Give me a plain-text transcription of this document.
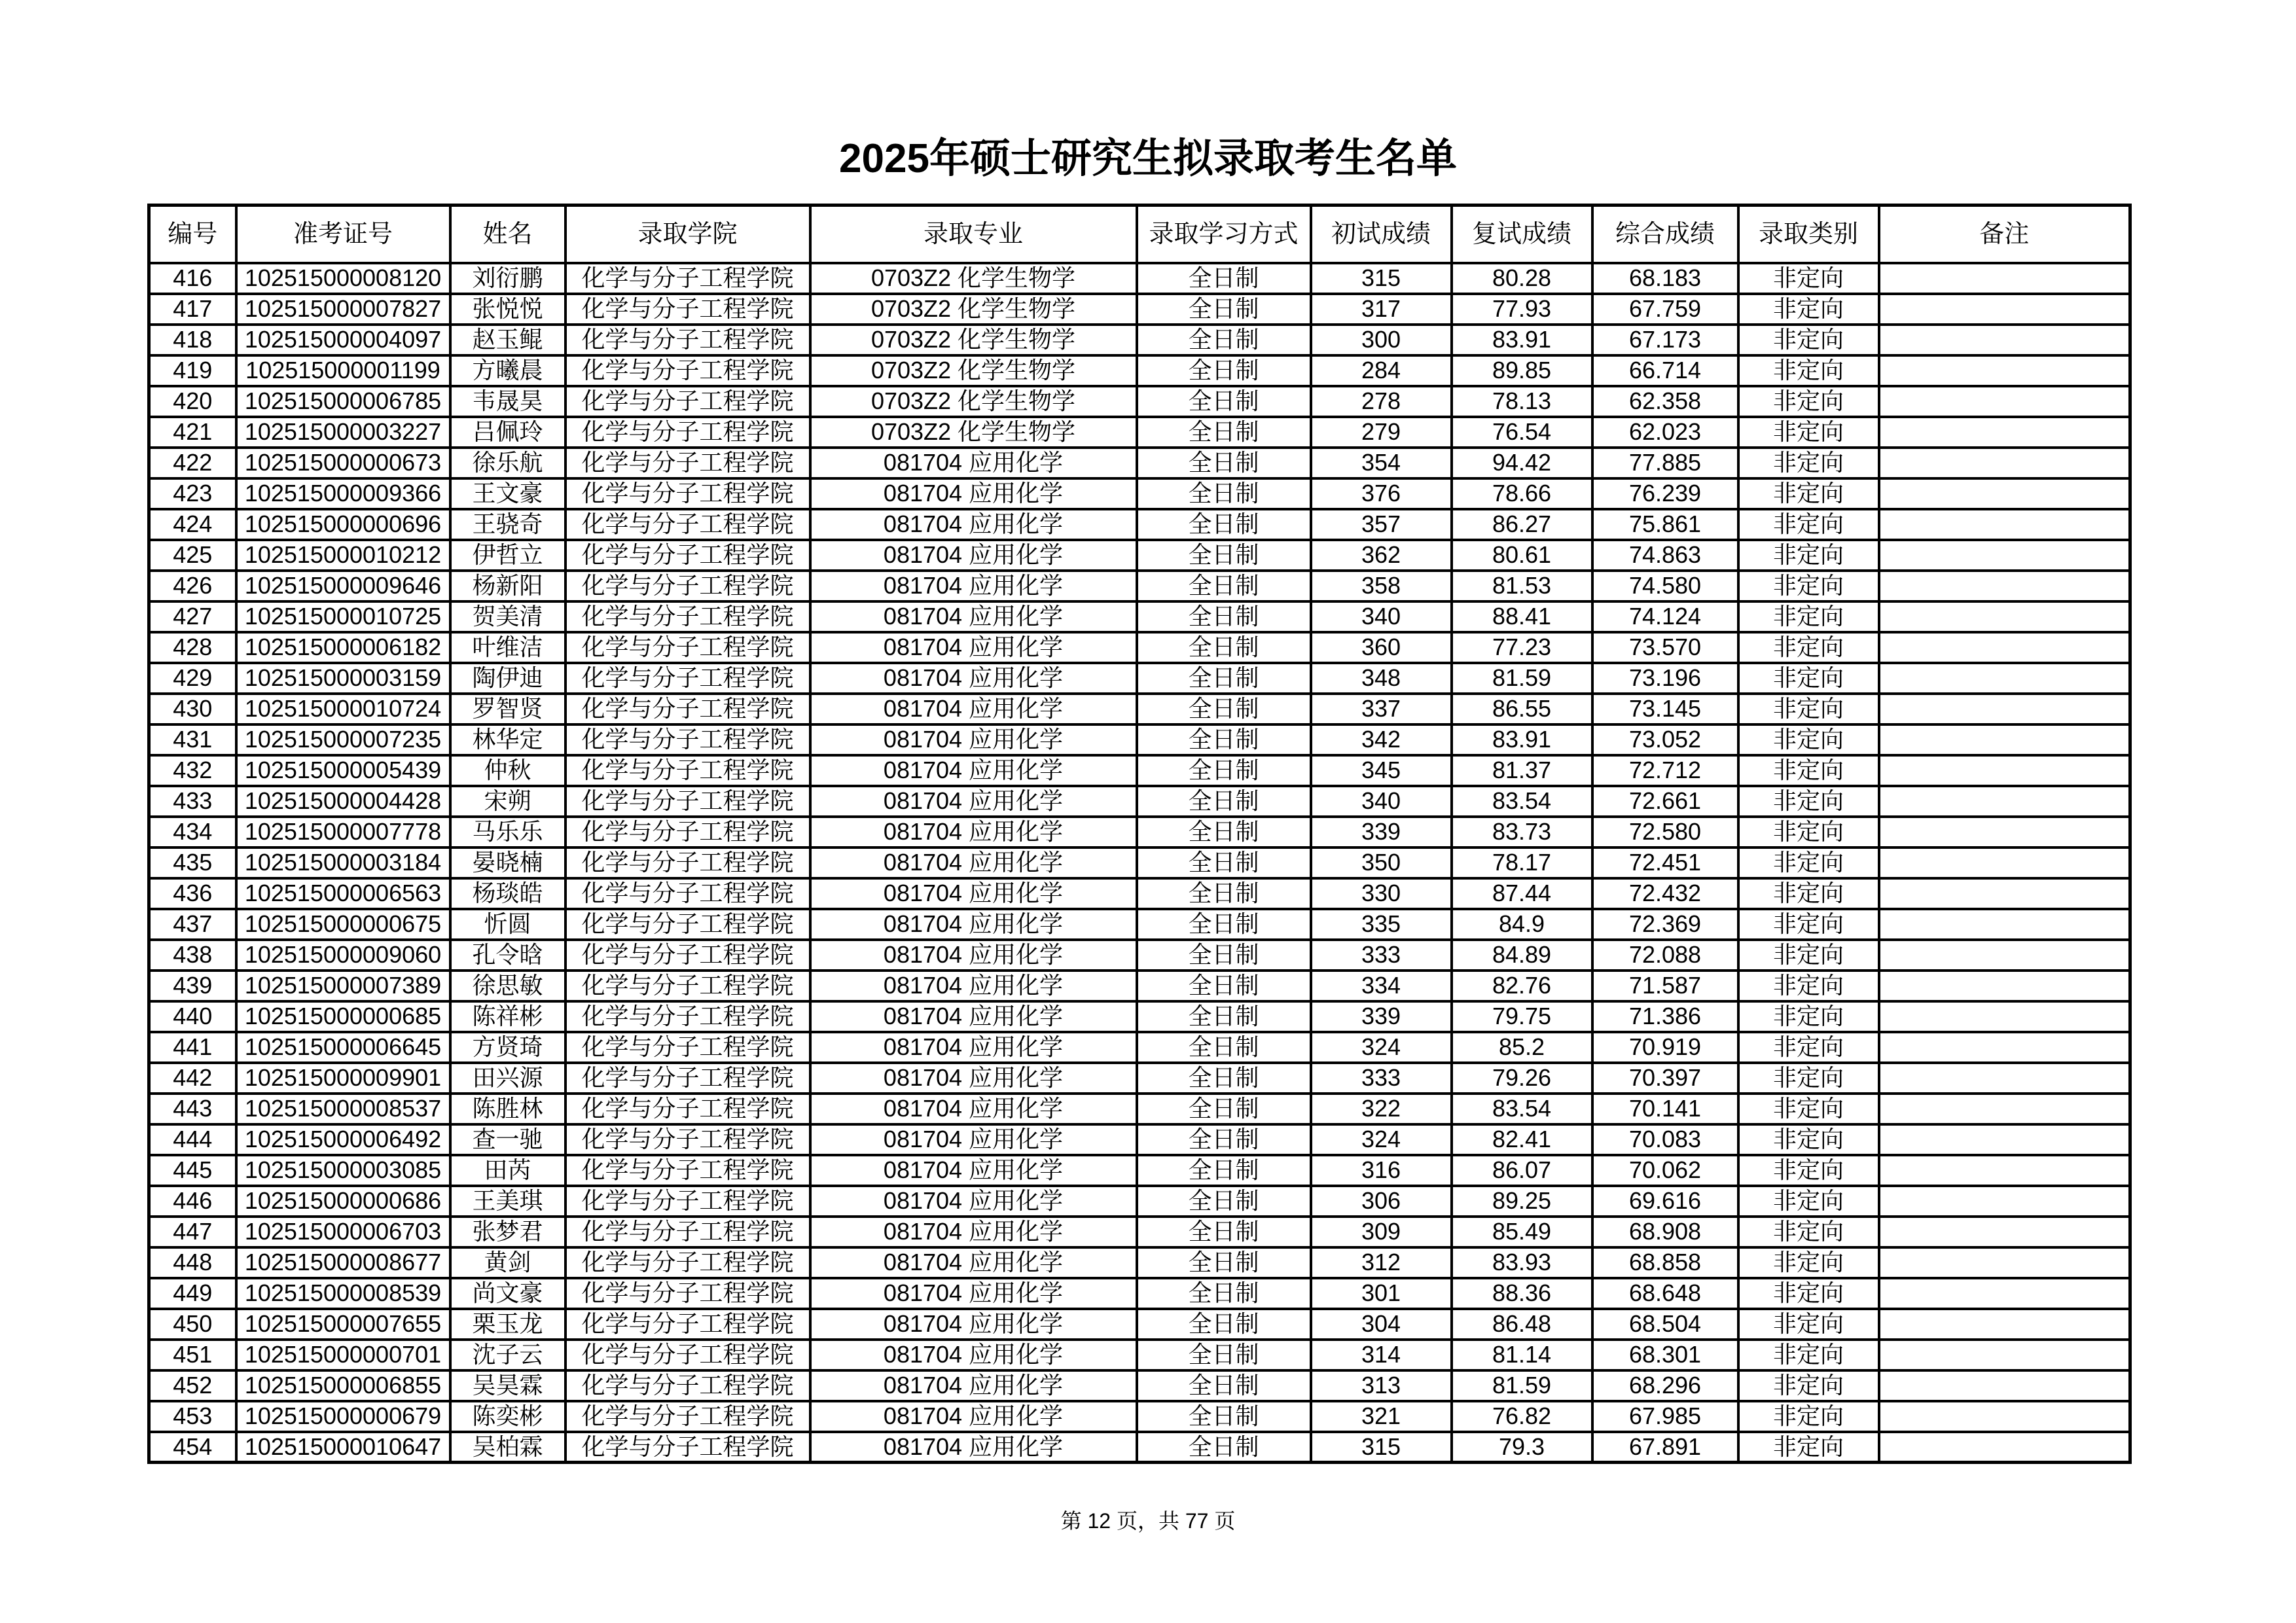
2025年硕士研究生拟录取考生名单
编号	准考证号	姓名	录取学院	录取专业	录取学习方式	初试成绩	复试成绩	综合成绩	录取类别	备注
416	102515000008120	刘衍鹏	化学与分子工程学院	0703Z2 化学生物学	全日制	315	80.28	68.183	非定向	
417	102515000007827	张悦悦	化学与分子工程学院	0703Z2 化学生物学	全日制	317	77.93	67.759	非定向	
418	102515000004097	赵玉鲲	化学与分子工程学院	0703Z2 化学生物学	全日制	300	83.91	67.173	非定向	
419	102515000001199	方曦晨	化学与分子工程学院	0703Z2 化学生物学	全日制	284	89.85	66.714	非定向	
420	102515000006785	韦晟昊	化学与分子工程学院	0703Z2 化学生物学	全日制	278	78.13	62.358	非定向	
421	102515000003227	吕佩玲	化学与分子工程学院	0703Z2 化学生物学	全日制	279	76.54	62.023	非定向	
422	102515000000673	徐乐航	化学与分子工程学院	081704 应用化学	全日制	354	94.42	77.885	非定向	
423	102515000009366	王文豪	化学与分子工程学院	081704 应用化学	全日制	376	78.66	76.239	非定向	
424	102515000000696	王骁奇	化学与分子工程学院	081704 应用化学	全日制	357	86.27	75.861	非定向	
425	102515000010212	伊哲立	化学与分子工程学院	081704 应用化学	全日制	362	80.61	74.863	非定向	
426	102515000009646	杨新阳	化学与分子工程学院	081704 应用化学	全日制	358	81.53	74.580	非定向	
427	102515000010725	贺美清	化学与分子工程学院	081704 应用化学	全日制	340	88.41	74.124	非定向	
428	102515000006182	叶维洁	化学与分子工程学院	081704 应用化学	全日制	360	77.23	73.570	非定向	
429	102515000003159	陶伊迪	化学与分子工程学院	081704 应用化学	全日制	348	81.59	73.196	非定向	
430	102515000010724	罗智贤	化学与分子工程学院	081704 应用化学	全日制	337	86.55	73.145	非定向	
431	102515000007235	林华定	化学与分子工程学院	081704 应用化学	全日制	342	83.91	73.052	非定向	
432	102515000005439	仲秋	化学与分子工程学院	081704 应用化学	全日制	345	81.37	72.712	非定向	
433	102515000004428	宋朔	化学与分子工程学院	081704 应用化学	全日制	340	83.54	72.661	非定向	
434	102515000007778	马乐乐	化学与分子工程学院	081704 应用化学	全日制	339	83.73	72.580	非定向	
435	102515000003184	晏晓楠	化学与分子工程学院	081704 应用化学	全日制	350	78.17	72.451	非定向	
436	102515000006563	杨琰皓	化学与分子工程学院	081704 应用化学	全日制	330	87.44	72.432	非定向	
437	102515000000675	忻圆	化学与分子工程学院	081704 应用化学	全日制	335	84.9	72.369	非定向	
438	102515000009060	孔令晗	化学与分子工程学院	081704 应用化学	全日制	333	84.89	72.088	非定向	
439	102515000007389	徐思敏	化学与分子工程学院	081704 应用化学	全日制	334	82.76	71.587	非定向	
440	102515000000685	陈祥彬	化学与分子工程学院	081704 应用化学	全日制	339	79.75	71.386	非定向	
441	102515000006645	方贤琦	化学与分子工程学院	081704 应用化学	全日制	324	85.2	70.919	非定向	
442	102515000009901	田兴源	化学与分子工程学院	081704 应用化学	全日制	333	79.26	70.397	非定向	
443	102515000008537	陈胜林	化学与分子工程学院	081704 应用化学	全日制	322	83.54	70.141	非定向	
444	102515000006492	查一驰	化学与分子工程学院	081704 应用化学	全日制	324	82.41	70.083	非定向	
445	102515000003085	田芮	化学与分子工程学院	081704 应用化学	全日制	316	86.07	70.062	非定向	
446	102515000000686	王美琪	化学与分子工程学院	081704 应用化学	全日制	306	89.25	69.616	非定向	
447	102515000006703	张梦君	化学与分子工程学院	081704 应用化学	全日制	309	85.49	68.908	非定向	
448	102515000008677	黄剑	化学与分子工程学院	081704 应用化学	全日制	312	83.93	68.858	非定向	
449	102515000008539	尚文豪	化学与分子工程学院	081704 应用化学	全日制	301	88.36	68.648	非定向	
450	102515000007655	栗玉龙	化学与分子工程学院	081704 应用化学	全日制	304	86.48	68.504	非定向	
451	102515000000701	沈子云	化学与分子工程学院	081704 应用化学	全日制	314	81.14	68.301	非定向	
452	102515000006855	吴昊霖	化学与分子工程学院	081704 应用化学	全日制	313	81.59	68.296	非定向	
453	102515000000679	陈奕彬	化学与分子工程学院	081704 应用化学	全日制	321	76.82	67.985	非定向	
454	102515000010647	吴柏霖	化学与分子工程学院	081704 应用化学	全日制	315	79.3	67.891	非定向	
第 12 页，共 77 页
